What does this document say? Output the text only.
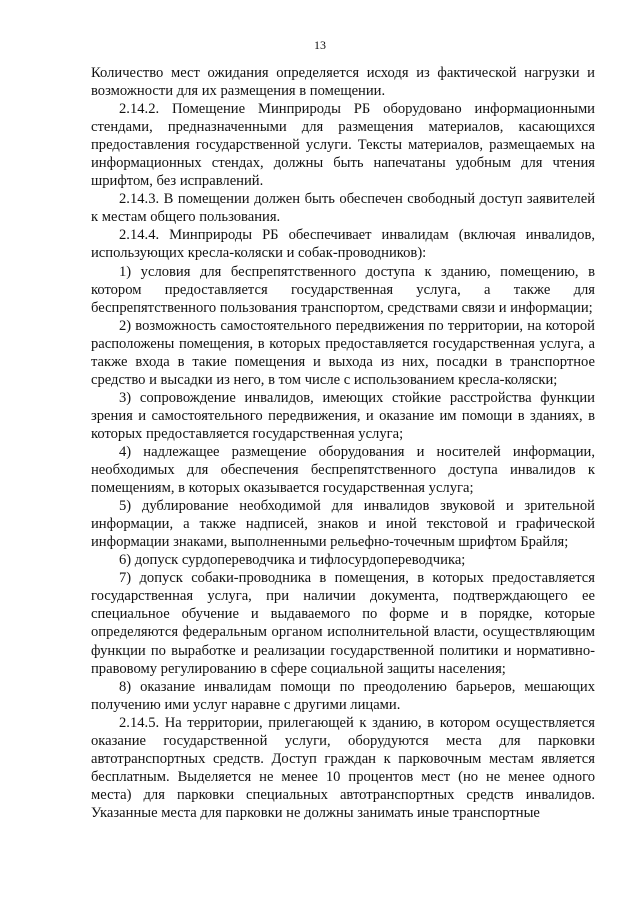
13

Количество мест ожидания определяется исходя из фактической нагрузки и возможности для их размещения в помещении.

2.14.2. Помещение Минприроды РБ оборудовано информационными стендами, предназначенными для размещения материалов, касающихся предоставления государственной услуги. Тексты материалов, размещаемых на информационных стендах, должны быть напечатаны удобным для чтения шрифтом, без исправлений.

2.14.3. В помещении должен быть обеспечен свободный доступ заявителей к местам общего пользования.

2.14.4. Минприроды РБ обеспечивает инвалидам (включая инвалидов, использующих кресла-коляски и собак-проводников):

1) условия для беспрепятственного доступа к зданию, помещению, в котором предоставляется государственная услуга, а также для беспрепятственного пользования транспортом, средствами связи и информации;

2) возможность самостоятельного передвижения по территории, на которой расположены помещения, в которых предоставляется государственная услуга, а также входа в такие помещения и выхода из них, посадки в транспортное средство и высадки из него, в том числе с использованием кресла-коляски;

3) сопровождение инвалидов, имеющих стойкие расстройства функции зрения и самостоятельного передвижения, и оказание им помощи в зданиях, в которых предоставляется государственная услуга;

4) надлежащее размещение оборудования и носителей информации, необходимых для обеспечения беспрепятственного доступа инвалидов к помещениям, в которых оказывается государственная услуга;

5) дублирование необходимой для инвалидов звуковой и зрительной информации, а также надписей, знаков и иной текстовой и графической информации знаками, выполненными рельефно-точечным шрифтом Брайля;

6) допуск сурдопереводчика и тифлосурдопереводчика;

7) допуск собаки-проводника в помещения, в которых предоставляется государственная услуга, при наличии документа, подтверждающего ее специальное обучение и выдаваемого по форме и в порядке, которые определяются федеральным органом исполнительной власти, осуществляющим функции по выработке и реализации государственной политики и нормативно-правовому регулированию в сфере социальной защиты населения;

8) оказание инвалидам помощи по преодолению барьеров, мешающих получению ими услуг наравне с другими лицами.

2.14.5. На территории, прилегающей к зданию, в котором осуществляется оказание государственной услуги, оборудуются места для парковки автотранспортных средств. Доступ граждан к парковочным местам является бесплатным. Выделяется не менее 10 процентов мест (но не менее одного места) для парковки специальных автотранспортных средств инвалидов. Указанные места для парковки не должны занимать иные транспортные
